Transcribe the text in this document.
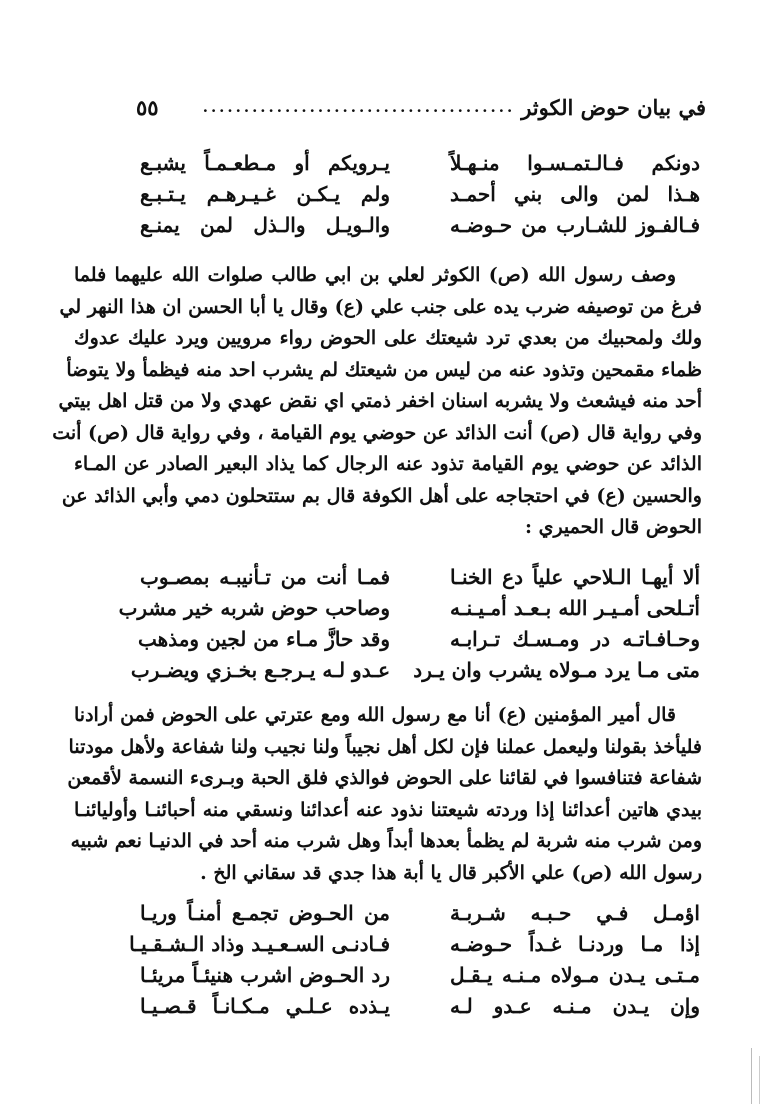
في بيان حوض الكوثر
......................................
٥٥
دونكم فـالـتمـسـوا منـهـلاً
يـرويكم أو مـطعـمـاً يشبـع
هـذا لمن والى بني أحمـد
ولم يـكـن غـيـرهـم يـتـبـع
فـالفـوز للشـارب من حـوضـه
والـويـل والـذل لمن يمنـع
وصف رسول الله (ص) الكوثر لعلي بن ابي طالب صلوات الله عليهما فلما
فرغ من توصيفه ضرب يده على جنب علي (ع) وقال يا أبا الحسن ان هذا النهر لي
ولك ولمحبيك من بعدي ترد شيعتك على الحوض رواء مرويين ويرد عليك عدوك
ظماء مقمحين وتذود عنه من ليس من شيعتك لم يشرب احد منه فيظمأ ولا يتوضأ
أحد منه فيشعث ولا يشربه اسنان اخفر ذمتي اي نقض عهدي ولا من قتل اهل بيتي
وفي رواية قال (ص) أنت الذائد عن حوضي يوم القيامة ، وفي رواية قال (ص) أنت
الذائد عن حوضي يوم القيامة تذود عنه الرجال كما يذاد البعير الصادر عن المـاء
والحسين (ع) في احتجاجه على أهل الكوفة قال بم ستتحلون دمي وأبي الذائد عن
الحوض قال الحميري :
ألا أيهـا الـلاحي علياً دع الخنـا
فمـا أنت من تـأنيبـه بمصـوب
أتـلحى أمـيـر الله بـعـد أمـيـنـه
وصاحب حوض شربه خير مشرب
وحـافـاتـه در ومـسـك تـرابـه
وقد حازَّ مـاء من لجين ومذهب
متى مـا يرد مـولاه يشرب وان يـرد
عـدو لـه يـرجـع بخـزي ويضـرب
قال أمير المؤمنين (ع) أنا مع رسول الله ومع عترتي على الحوض فمن أرادنا
فليأخذ بقولنا وليعمل عملنا فإن لكل أهل نجيباً ولنا نجيب ولنا شفاعة ولأهل مودتنا
شفاعة فتنافسوا في لقائنا على الحوض فوالذي فلق الحبة وبـرىء النسمة لأقمعن
بيدي هاتين أعدائنا إذا وردته شيعتنا نذود عنه أعدائنا ونسقي منه أحبائنـا وأوليائنـا
ومن شرب منه شربة لم يظمأ بعدها أبداً وهل شرب منه أحد في الدنيـا نعم شبيه
رسول الله (ص) علي الأكبر قال يا أبة هذا جدي قد سقاني الخ .
اؤمـل فـي حـبـه شـربـة
من الحـوض تجمـع أمنـاً وريـا
إذا مـا وردنـا غـداً حـوضـه
فـادنـى السـعـيـد وذاد الـشـقـيـا
مـتـى يـدن مـولاه مـنـه يـقـل
رد الحـوض اشرب هنيئـاً مريئـا
وإن يـدن مـنـه عـدو لـه
يـذده عـلـي مـكـانـاً قـصـيـا
